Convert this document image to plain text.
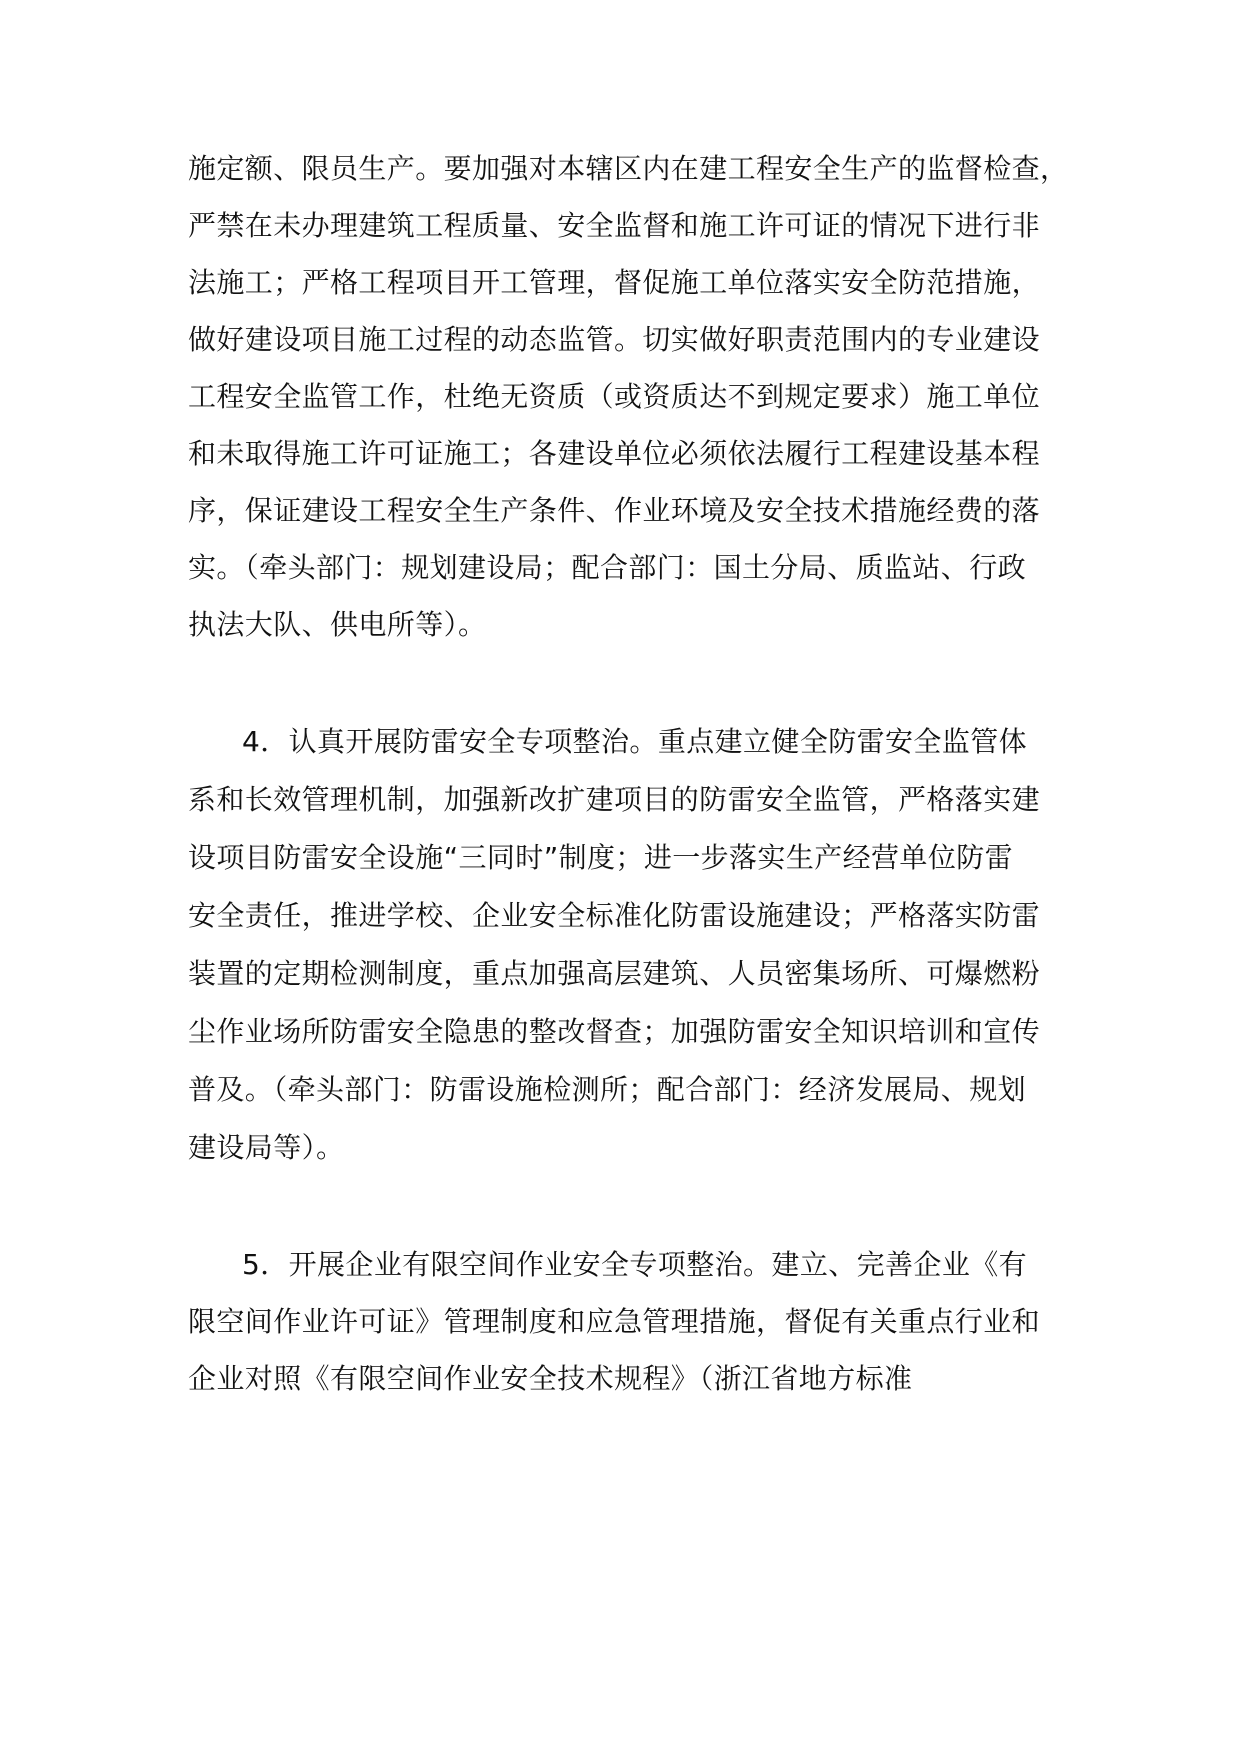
施定额、限员生产。要加强对本辖区内在建工程安全生产的监督检查，
严禁在未办理建筑工程质量、安全监督和施工许可证的情况下进行非
法施工；严格工程项目开工管理，督促施工单位落实安全防范措施，
做好建设项目施工过程的动态监管。切实做好职责范围内的专业建设
工程安全监管工作，杜绝无资质（或资质达不到规定要求）施工单位
和未取得施工许可证施工；各建设单位必须依法履行工程建设基本程
序，保证建设工程安全生产条件、作业环境及安全技术措施经费的落
实。（牵头部门：规划建设局；配合部门：国土分局、质监站、行政
执法大队、供电所等）。
4．认真开展防雷安全专项整治。重点建立健全防雷安全监管体
系和长效管理机制，加强新改扩建项目的防雷安全监管，严格落实建
设项目防雷安全设施“三同时”制度；进一步落实生产经营单位防雷
安全责任，推进学校、企业安全标准化防雷设施建设；严格落实防雷
装置的定期检测制度，重点加强高层建筑、人员密集场所、可爆燃粉
尘作业场所防雷安全隐患的整改督查；加强防雷安全知识培训和宣传
普及。（牵头部门：防雷设施检测所；配合部门：经济发展局、规划
建设局等）。
5．开展企业有限空间作业安全专项整治。建立、完善企业《有
限空间作业许可证》管理制度和应急管理措施，督促有关重点行业和
企业对照《有限空间作业安全技术规程》（浙江省地方标准
